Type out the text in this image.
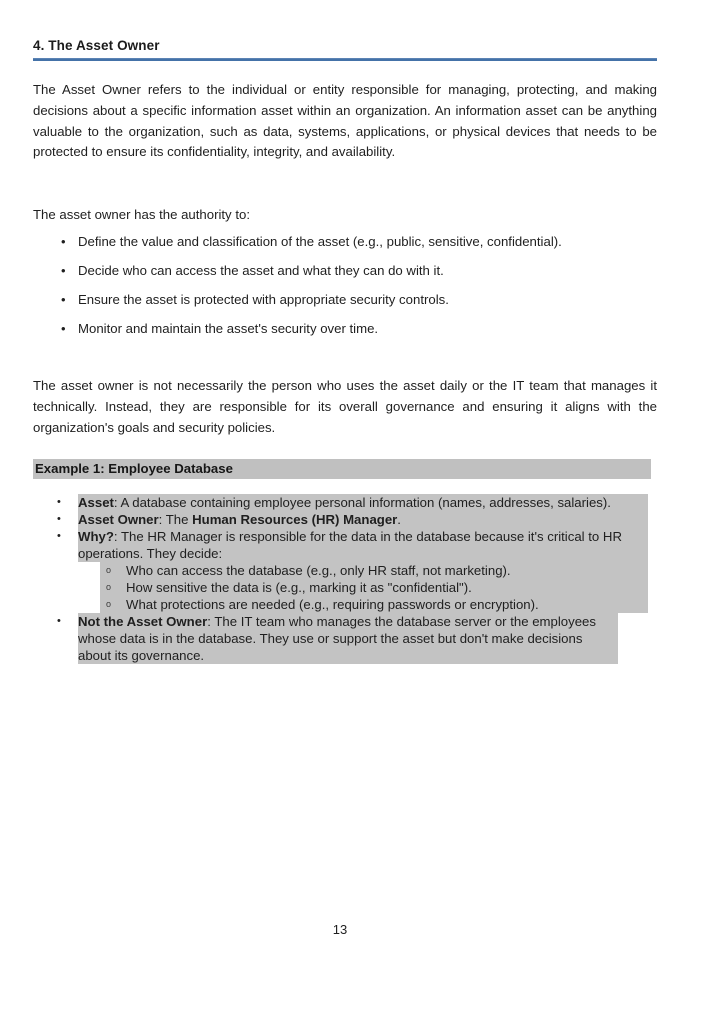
4. The Asset Owner
The Asset Owner refers to the individual or entity responsible for managing, protecting, and making decisions about a specific information asset within an organization. An information asset can be anything valuable to the organization, such as data, systems, applications, or physical devices that needs to be protected to ensure its confidentiality, integrity, and availability.
The asset owner has the authority to:
• Define the value and classification of the asset (e.g., public, sensitive, confidential).
• Decide who can access the asset and what they can do with it.
• Ensure the asset is protected with appropriate security controls.
• Monitor and maintain the asset's security over time.
The asset owner is not necessarily the person who uses the asset daily or the IT team that manages it technically. Instead, they are responsible for its overall governance and ensuring it aligns with the organization's goals and security policies.
Example 1: Employee Database
• Asset: A database containing employee personal information (names, addresses, salaries).
• Asset Owner: The Human Resources (HR) Manager.
• Why?: The HR Manager is responsible for the data in the database because it's critical to HR operations. They decide:
o Who can access the database (e.g., only HR staff, not marketing).
o How sensitive the data is (e.g., marking it as "confidential").
o What protections are needed (e.g., requiring passwords or encryption).
• Not the Asset Owner: The IT team who manages the database server or the employees whose data is in the database. They use or support the asset but don't make decisions about its governance.
13
